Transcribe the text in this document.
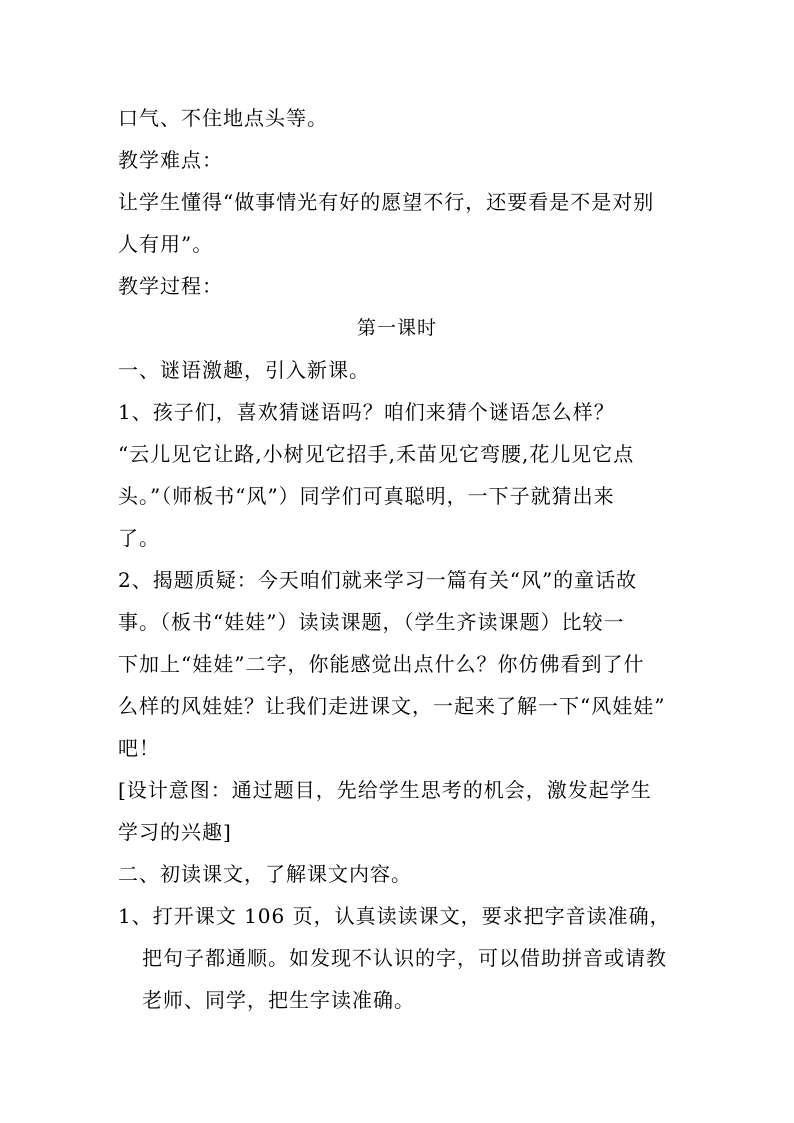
口气、不住地点头等。
教学难点：
让学生懂得“做事情光有好的愿望不行，还要看是不是对别
人有用”。
教学过程：
第一课时
一、谜语激趣，引入新课。
1、孩子们，喜欢猜谜语吗？咱们来猜个谜语怎么样？
“云儿见它让路,小树见它招手,禾苗见它弯腰,花儿见它点
头。”（师板书“风”）同学们可真聪明，一下子就猜出来
了。
2、揭题质疑：今天咱们就来学习一篇有关“风”的童话故
事。（板书“娃娃”）读读课题，（学生齐读课题）比较一
下加上“娃娃”二字，你能感觉出点什么？你仿佛看到了什
么样的风娃娃？让我们走进课文，一起来了解一下“风娃娃”
吧！
[设计意图：通过题目，先给学生思考的机会，激发起学生
学习的兴趣]
二、初读课文，了解课文内容。
1、打开课文 106 页，认真读读课文，要求把字音读准确，
把句子都通顺。如发现不认识的字，可以借助拼音或请教
老师、同学，把生字读准确。
